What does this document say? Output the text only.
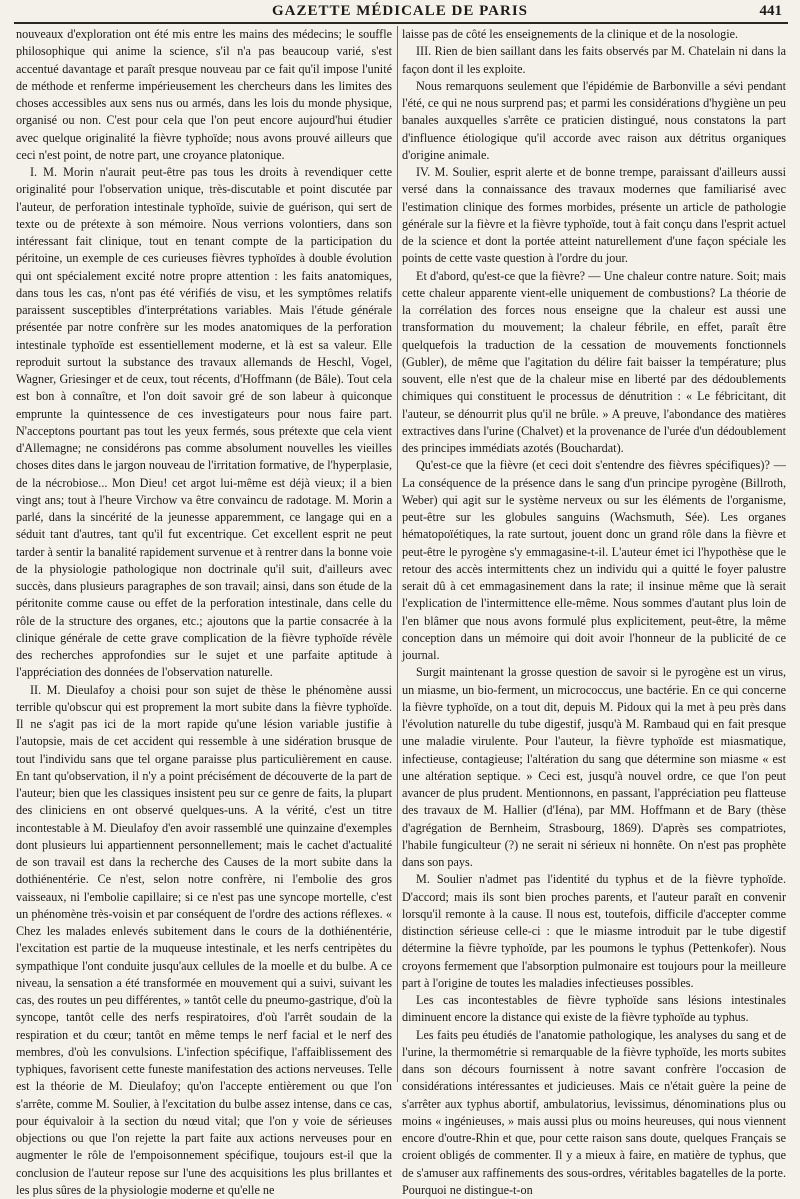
GAZETTE MÉDICALE DE PARIS	441

nouveaux d'exploration ont été mis entre les mains des médecins; le souffle philosophique qui anime la science, s'il n'a pas beaucoup varié, s'est accentué davantage et paraît presque nouveau par ce fait qu'il impose l'unité de méthode et renferme impérieusement les chercheurs dans les limites des choses accessibles aux sens nus ou armés, dans les lois du monde physique, organisé ou non. C'est pour cela que l'on peut encore aujourd'hui étudier avec quelque originalité la fièvre typhoïde; nous avons prouvé ailleurs que ceci n'est point, de notre part, une croyance platonique.

I. M. Morin n'aurait peut-être pas tous les droits à revendiquer cette originalité pour l'observation unique, très-discutable et point discutée par l'auteur, de perforation intestinale typhoïde, suivie de guérison, qui sert de texte ou de prétexte à son mémoire. Nous verrions volontiers, dans son intéressant fait clinique, tout en tenant compte de la participation du péritoine, un exemple de ces curieuses fièvres typhoïdes à double évolution qui ont spécialement excité notre propre attention : les faits anatomiques, dans tous les cas, n'ont pas été vérifiés de visu, et les symptômes relatifs paraissent susceptibles d'interprétations variables. Mais l'étude générale présentée par notre confrère sur les modes anatomiques de la perforation intestinale typhoïde est essentiellement moderne, et là est sa valeur. Elle reproduit surtout la substance des travaux allemands de Heschl, Vogel, Wagner, Griesinger et de ceux, tout récents, d'Hoffmann (de Bâle). Tout cela est bon à connaître, et l'on doit savoir gré de son labeur à quiconque emprunte la quintessence de ces investigateurs pour nous faire part. N'acceptons pourtant pas tout les yeux fermés, sous prétexte que cela vient d'Allemagne; ne considérons pas comme absolument nouvelles les vieilles choses dites dans le jargon nouveau de l'irritation formative, de l'hyperplasie, de la nécrobiose... Mon Dieu! cet argot lui-même est déjà vieux; il a bien vingt ans; tout à l'heure Virchow va être convaincu de radotage. M. Morin a parlé, dans la sincérité de la jeunesse apparemment, ce langage qui en a séduit tant d'autres, tant qu'il fut excentrique. Cet excellent esprit ne peut tarder à sentir la banalité rapidement survenue et à rentrer dans la bonne voie de la physiologie pathologique non doctrinale qu'il suit, d'ailleurs avec succès, dans plusieurs paragraphes de son travail; ainsi, dans son étude de la péritonite comme cause ou effet de la perforation intestinale, dans celle du rôle de la structure des organes, etc.; ajoutons que la partie consacrée à la clinique générale de cette grave complication de la fièvre typhoïde révèle des recherches approfondies sur le sujet et une parfaite aptitude à l'appréciation des données de l'observation naturelle.

II. M. Dieulafoy a choisi pour son sujet de thèse le phénomène aussi terrible qu'obscur qui est proprement la mort subite dans la fièvre typhoïde. Il ne s'agit pas ici de la mort rapide qu'une lésion variable justifie à l'autopsie, mais de cet accident qui ressemble à une sidération brusque de tout l'individu sans que tel organe paraisse plus particulièrement en cause. En tant qu'observation, il n'y a point précisément de découverte de la part de l'auteur; bien que les classiques insistent peu sur ce genre de faits, la plupart des cliniciens en ont observé quelques-uns. A la vérité, c'est un titre incontestable à M. Dieulafoy d'en avoir rassemblé une quinzaine d'exemples dont plusieurs lui appartiennent personnellement; mais le cachet d'actualité de son travail est dans la recherche des Causes de la mort subite dans la dothiénentérie. Ce n'est, selon notre confrère, ni l'embolie des gros vaisseaux, ni l'embolie capillaire; si ce n'est pas une syncope mortelle, c'est un phénomène très-voisin et par conséquent de l'ordre des actions réflexes. « Chez les malades enlevés subitement dans le cours de la dothiénentérie, l'excitation est partie de la muqueuse intestinale, et les nerfs centripètes du sympathique l'ont conduite jusqu'aux cellules de la moelle et du bulbe. A ce niveau, la sensation a été transformée en mouvement qui a suivi, suivant les cas, des routes un peu différentes, » tantôt celle du pneumo-gastrique, d'où la syncope, tantôt celle des nerfs respiratoires, d'où l'arrêt soudain de la respiration et du cœur; tantôt en même temps le nerf facial et le nerf des membres, d'où les convulsions. L'infection spécifique, l'affaiblissement des typhiques, favorisent cette funeste manifestation des actions nerveuses. Telle est la théorie de M. Dieulafoy; qu'on l'accepte entièrement ou que l'on s'arrête, comme M. Soulier, à l'excitation du bulbe assez intense, dans ce cas, pour équivaloir à la section du nœud vital; que l'on y voie de sérieuses objections ou que l'on rejette la part faite aux actions nerveuses pour en augmenter le rôle de l'empoisonnement spécifique, toujours est-il que la conclusion de l'auteur repose sur l'une des acquisitions les plus brillantes et les plus sûres de la physiologie moderne et qu'elle ne

laisse pas de côté les enseignements de la clinique et de la nosologie.

III. Rien de bien saillant dans les faits observés par M. Chatelain ni dans la façon dont il les exploite.

Nous remarquons seulement que l'épidémie de Barbonville a sévi pendant l'été, ce qui ne nous surprend pas; et parmi les considérations d'hygiène un peu banales auxquelles s'arrête ce praticien distingué, nous constatons la part d'influence étiologique qu'il accorde avec raison aux détritus organiques d'origine animale.

IV. M. Soulier, esprit alerte et de bonne trempe, paraissant d'ailleurs aussi versé dans la connaissance des travaux modernes que familiarisé avec l'estimation clinique des formes morbides, présente un article de pathologie générale sur la fièvre et la fièvre typhoïde, tout à fait conçu dans l'esprit actuel de la science et dont la portée atteint naturellement d'une façon spéciale les points de cette vaste question à l'ordre du jour.

Et d'abord, qu'est-ce que la fièvre? — Une chaleur contre nature. Soit; mais cette chaleur apparente vient-elle uniquement de combustions? La théorie de la corrélation des forces nous enseigne que la chaleur est aussi une transformation du mouvement; la chaleur fébrile, en effet, paraît être quelquefois la traduction de la cessation de mouvements fonctionnels (Gubler), de même que l'agitation du délire fait baisser la température; plus souvent, elle n'est que de la chaleur mise en liberté par des dédoublements chimiques qui constituent le processus de dénutrition : « Le fébricitant, dit l'auteur, se dénourrit plus qu'il ne brûle. » A preuve, l'abondance des matières extractives dans l'urine (Chalvet) et la provenance de l'urée d'un dédoublement des principes immédiats azotés (Bouchardat).

Qu'est-ce que la fièvre (et ceci doit s'entendre des fièvres spécifiques)? — La conséquence de la présence dans le sang d'un principe pyrogène (Billroth, Weber) qui agit sur le système nerveux ou sur les éléments de l'organisme, peut-être sur les globules sanguins (Wachsmuth, Sée). Les organes hématopoïétiques, la rate surtout, jouent donc un grand rôle dans la fièvre et peut-être le pyrogène s'y emmagasine-t-il. L'auteur émet ici l'hypothèse que le retour des accès intermittents chez un individu qui a quitté le foyer palustre serait dû à cet emmagasinement dans la rate; il insinue même que là serait l'explication de l'intermittence elle-même. Nous sommes d'autant plus loin de l'en blâmer que nous avons formulé plus explicitement, peut-être, la même conception dans un mémoire qui doit avoir l'honneur de la publicité de ce journal.

Surgit maintenant la grosse question de savoir si le pyrogène est un virus, un miasme, un bio-ferment, un micrococcus, une bactérie. En ce qui concerne la fièvre typhoïde, on a tout dit, depuis M. Pidoux qui la met à peu près dans l'évolution naturelle du tube digestif, jusqu'à M. Rambaud qui en fait presque une maladie virulente. Pour l'auteur, la fièvre typhoïde est miasmatique, infectieuse, contagieuse; l'altération du sang que détermine son miasme « est une altération septique. » Ceci est, jusqu'à nouvel ordre, ce que l'on peut avancer de plus prudent. Mentionnons, en passant, l'appréciation peu flatteuse des travaux de M. Hallier (d'Iéna), par MM. Hoffmann et de Bary (thèse d'agrégation de Bernheim, Strasbourg, 1869). D'après ses compatriotes, l'habile fungiculteur (?) ne serait ni sérieux ni honnête. On n'est pas prophète dans son pays.

M. Soulier n'admet pas l'identité du typhus et de la fièvre typhoïde. D'accord; mais ils sont bien proches parents, et l'auteur paraît en convenir lorsqu'il remonte à la cause. Il nous est, toutefois, difficile d'accepter comme distinction sérieuse celle-ci : que le miasme introduit par le tube digestif détermine la fièvre typhoïde, par les poumons le typhus (Pettenkofer). Nous croyons fermement que l'absorption pulmonaire est toujours pour la meilleure part à l'origine de toutes les maladies infectieuses possibles.

Les cas incontestables de fièvre typhoïde sans lésions intestinales diminuent encore la distance qui existe de la fièvre typhoïde au typhus.

Les faits peu étudiés de l'anatomie pathologique, les analyses du sang et de l'urine, la thermométrie si remarquable de la fièvre typhoïde, les morts subites dans son décours fournissent à notre savant confrère l'occasion de considérations intéressantes et judicieuses. Mais ce n'était guère la peine de s'arrêter aux typhus abortif, ambulatorius, levissimus, dénominations plus ou moins « ingénieuses, » mais aussi plus ou moins heureuses, qui nous viennent encore d'outre-Rhin et que, pour cette raison sans doute, quelques Français se croient obligés de commenter. Il y a mieux à faire, en matière de typhus, que de s'amuser aux raffinements des sous-ordres, véritables bagatelles de la porte. Pourquoi ne distingue-t-on
